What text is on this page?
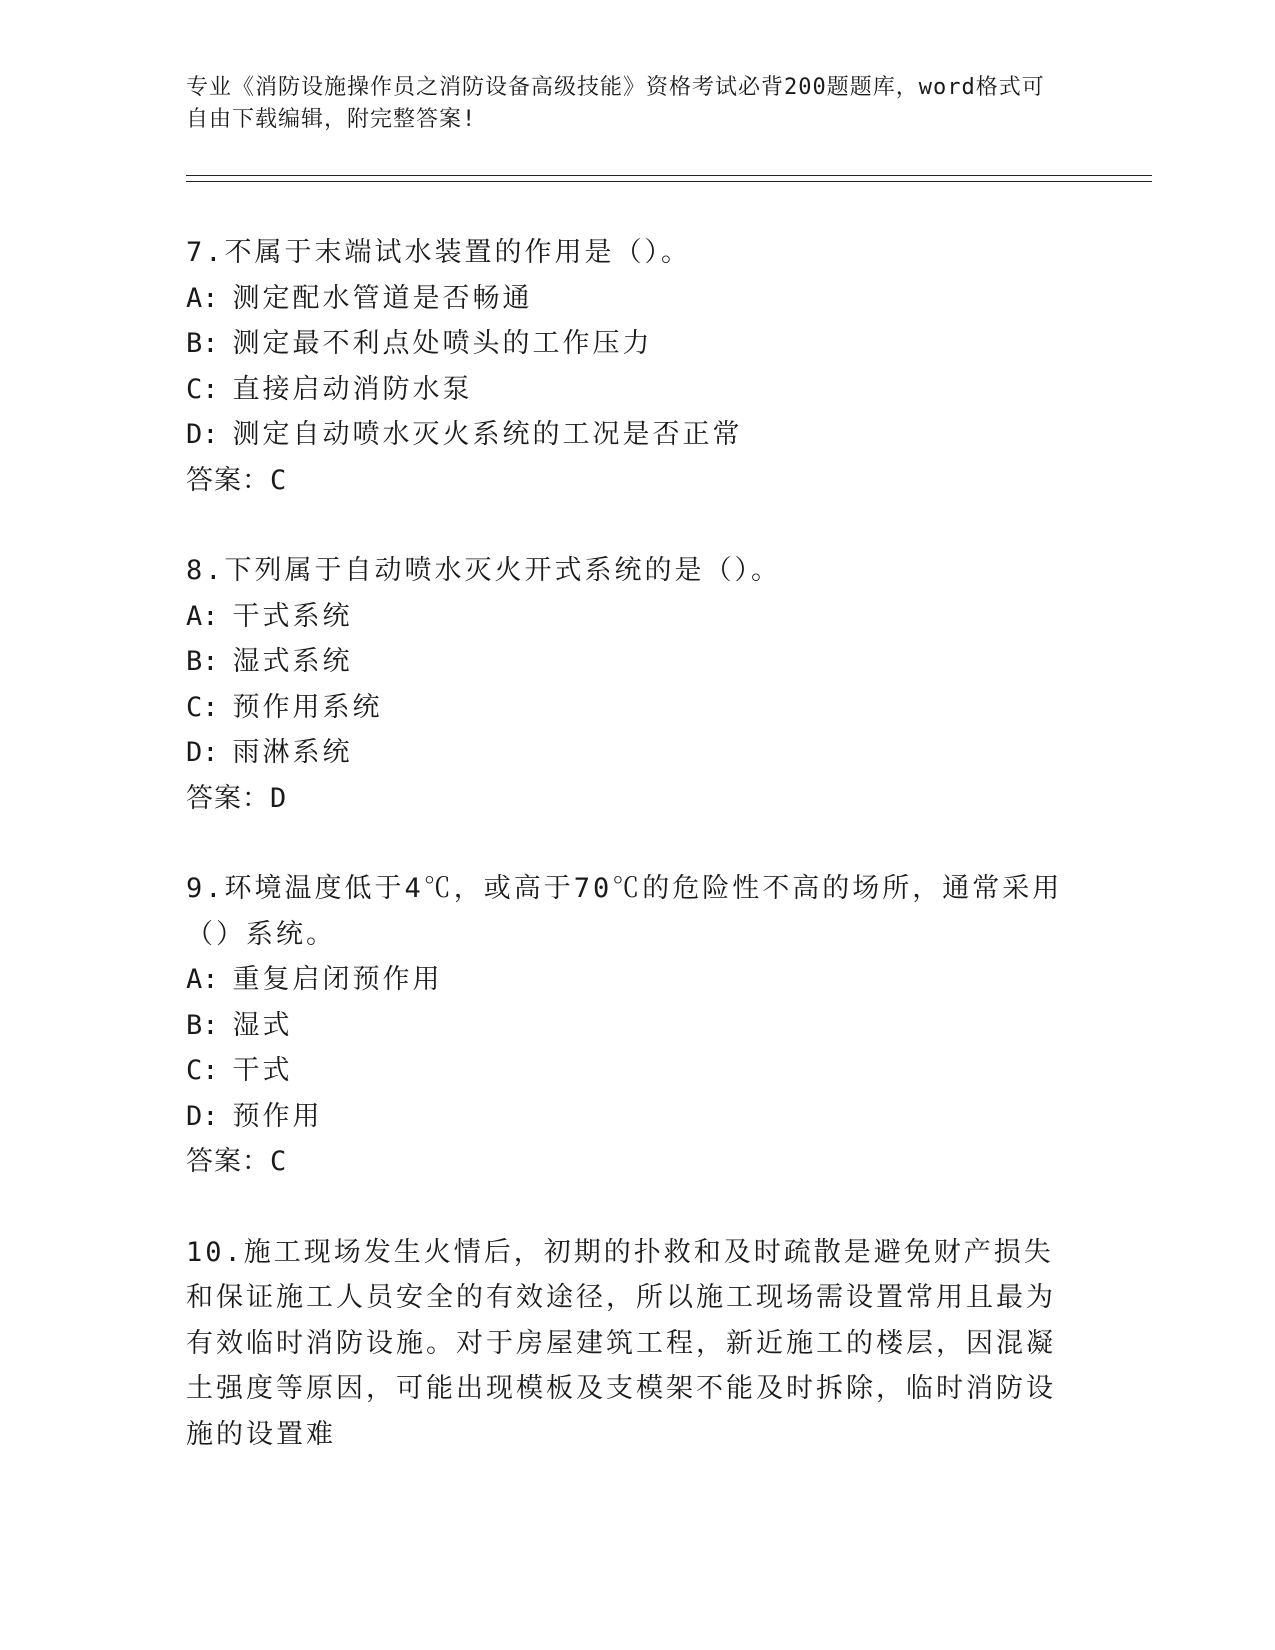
专业《消防设施操作员之消防设备高级技能》资格考试必背200题题库，word格式可自由下载编辑，附完整答案!
7.不属于末端试水装置的作用是（）。
A: 测定配水管道是否畅通
B: 测定最不利点处喷头的工作压力
C: 直接启动消防水泵
D: 测定自动喷水灭火系统的工况是否正常
答案：C
8.下列属于自动喷水灭火开式系统的是（）。
A: 干式系统
B: 湿式系统
C: 预作用系统
D: 雨淋系统
答案：D
9.环境温度低于4℃，或高于70℃的危险性不高的场所，通常采用（）系统。
A: 重复启闭预作用
B: 湿式
C: 干式
D: 预作用
答案：C
10.施工现场发生火情后，初期的扑救和及时疏散是避免财产损失和保证施工人员安全的有效途径，所以施工现场需设置常用且最为有效临时消防设施。对于房屋建筑工程，新近施工的楼层，因混凝土强度等原因，可能出现模板及支模架不能及时拆除，临时消防设施的设置难
